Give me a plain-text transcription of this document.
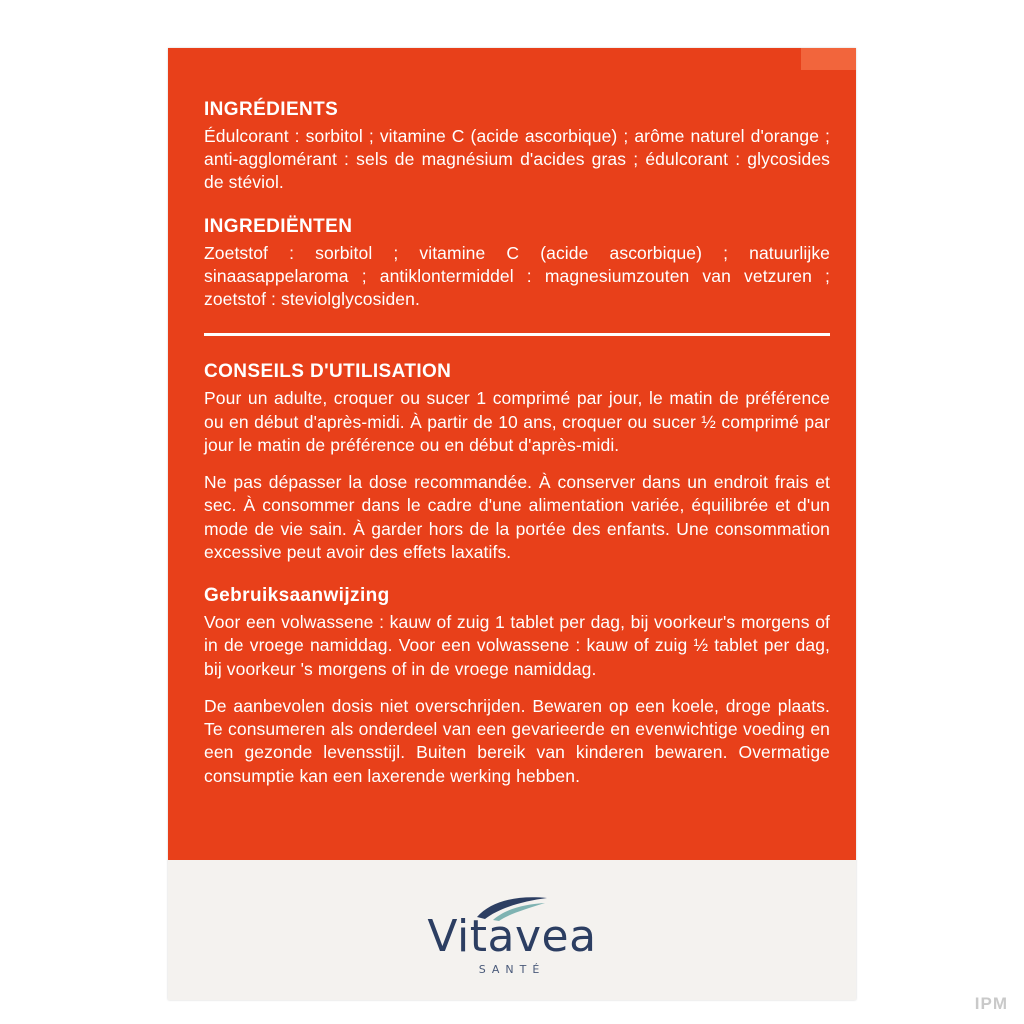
INGRÉDIENTS

Édulcorant : sorbitol ; vitamine C (acide ascorbique) ; arôme naturel d'orange ; anti-agglomérant : sels de magnésium d'acides gras ; édulcorant : glycosides de stéviol.

INGREDIËNTEN

Zoetstof : sorbitol ; vitamine C (acide ascorbique) ; natuurlijke sinaasappelaroma ; antiklontermiddel : magnesiumzouten van vetzuren ; zoetstof : steviolglycosiden.

CONSEILS D'UTILISATION

Pour un adulte, croquer ou sucer 1 comprimé par jour, le matin de préférence ou en début d'après-midi. À partir de 10 ans, croquer ou sucer ½ comprimé par jour le matin de préférence ou en début d'après-midi.

Ne pas dépasser la dose recommandée. À conserver dans un endroit frais et sec. À consommer dans le cadre d'une alimentation variée, équilibrée et d'un mode de vie sain. À garder hors de la portée des enfants. Une consommation excessive peut avoir des effets laxatifs.

Gebruiksaanwijzing

Voor een volwassene : kauw of zuig 1 tablet per dag, bij voorkeur's morgens of in de vroege namiddag. Voor een volwassene : kauw of zuig ½ tablet per dag, bij voorkeur 's morgens of in de vroege namiddag.

De aanbevolen dosis niet overschrijden. Bewaren op een koele, droge plaats. Te consumeren als onderdeel van een gevarieerde en evenwichtige voeding en een gezonde levensstijl. Buiten bereik van kinderen bewaren. Overmatige consumptie kan een laxerende werking hebben.

Vitavea
SANTÉ
IPM
